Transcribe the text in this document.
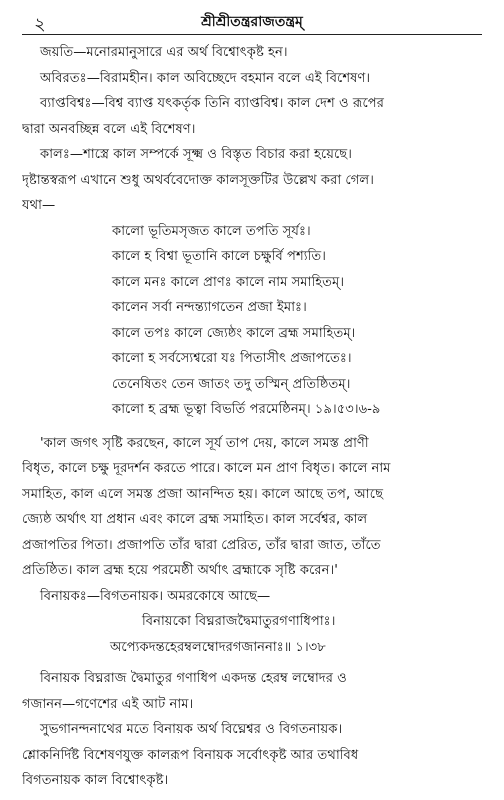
২	শ্রীশ্রীতন্ত্ররাজতন্ত্রম্
জয়তি—মনোরমানুসারে এর অর্থ বিশ্বোৎকৃষ্ট হন।
অবিরতঃ—বিরামহীন। কাল অবিচ্ছেদে বহমান বলে এই বিশেষণ।
ব্যাপ্তবিশ্বঃ—বিশ্ব ব্যাপ্ত যৎকর্তৃক তিনি ব্যাপ্তবিশ্ব। কাল দেশ ও রূপের
দ্বারা অনবচ্ছিন্ন বলে এই বিশেষণ।
কালঃ—শাস্ত্রে কাল সম্পর্কে সূক্ষ্ম ও বিস্তৃত বিচার করা হয়েছে।
দৃষ্টান্তস্বরূপ এখানে শুধু অথর্ববেদোক্ত কালসূক্তটির উল্লেখ করা গেল।
যথা—
কালো ভূতিমসৃজত কালে তপতি সূর্যঃ।
কালে হ বিশ্বা ভূতানি কালে চক্ষুর্বি পশ্যতি।
কালে মনঃ কালে প্রাণঃ কালে নাম সমাহিতম্।
কালেন সর্বা নন্দন্ত্যাগতেন প্রজা ইমাঃ।
কালে তপঃ কালে জ্যেষ্ঠং কালে ব্রহ্ম সমাহিতম্।
কালো হ সর্বস্যেশ্বরো যঃ পিতাসীৎ প্রজাপতেঃ।
তেনেষিতং তেন জাতং তদু তস্মিন্ প্রতিষ্ঠিতম্।
কালো হ ব্রহ্ম ভূত্বা বিভর্তি পরমেষ্ঠিনম্। ১৯।৫৩।৬-৯
'কাল জগৎ সৃষ্টি করছেন, কালে সূর্য তাপ দেয়, কালে সমস্ত প্রাণী
বিধৃত, কালে চক্ষু দূরদর্শন করতে পারে। কালে মন প্রাণ বিধৃত। কালে নাম
সমাহিত, কাল এলে সমস্ত প্রজা আনন্দিত হয়। কালে আছে তপ, আছে
জ্যেষ্ঠ অর্থাৎ যা প্রধান এবং কালে ব্রহ্ম সমাহিত। কাল সর্বেশ্বর, কাল
প্রজাপতির পিতা। প্রজাপতি তাঁর দ্বারা প্রেরিত, তাঁর দ্বারা জাত, তাঁতে
প্রতিষ্ঠিত। কাল ব্রহ্ম হয়ে পরমেষ্ঠী অর্থাৎ ব্রহ্মাকে সৃষ্টি করেন।'
বিনায়কঃ—বিগতনায়ক। অমরকোষে আছে—
বিনায়কো বিঘ্নরাজদ্বৈমাতুরগণাধিপাঃ।
অপ্যেকদন্তহেরম্বলম্বোদরগজাননাঃ॥ ১।৩৮
বিনায়ক বিঘ্নরাজ দ্বৈমাতুর গণাধিপ একদন্ত হেরম্ব লম্বোদর ও
গজানন—গণেশের এই আট নাম।
সুভগানন্দনাথের মতে বিনায়ক অর্থ বিঘ্নেশ্বর ও বিগতনায়ক।
শ্লোকনির্দিষ্ট বিশেষণযুক্ত কালরূপ বিনায়ক সর্বোৎকৃষ্ট আর তথাবিধ
বিগতনায়ক কাল বিশ্বোৎকৃষ্ট।
